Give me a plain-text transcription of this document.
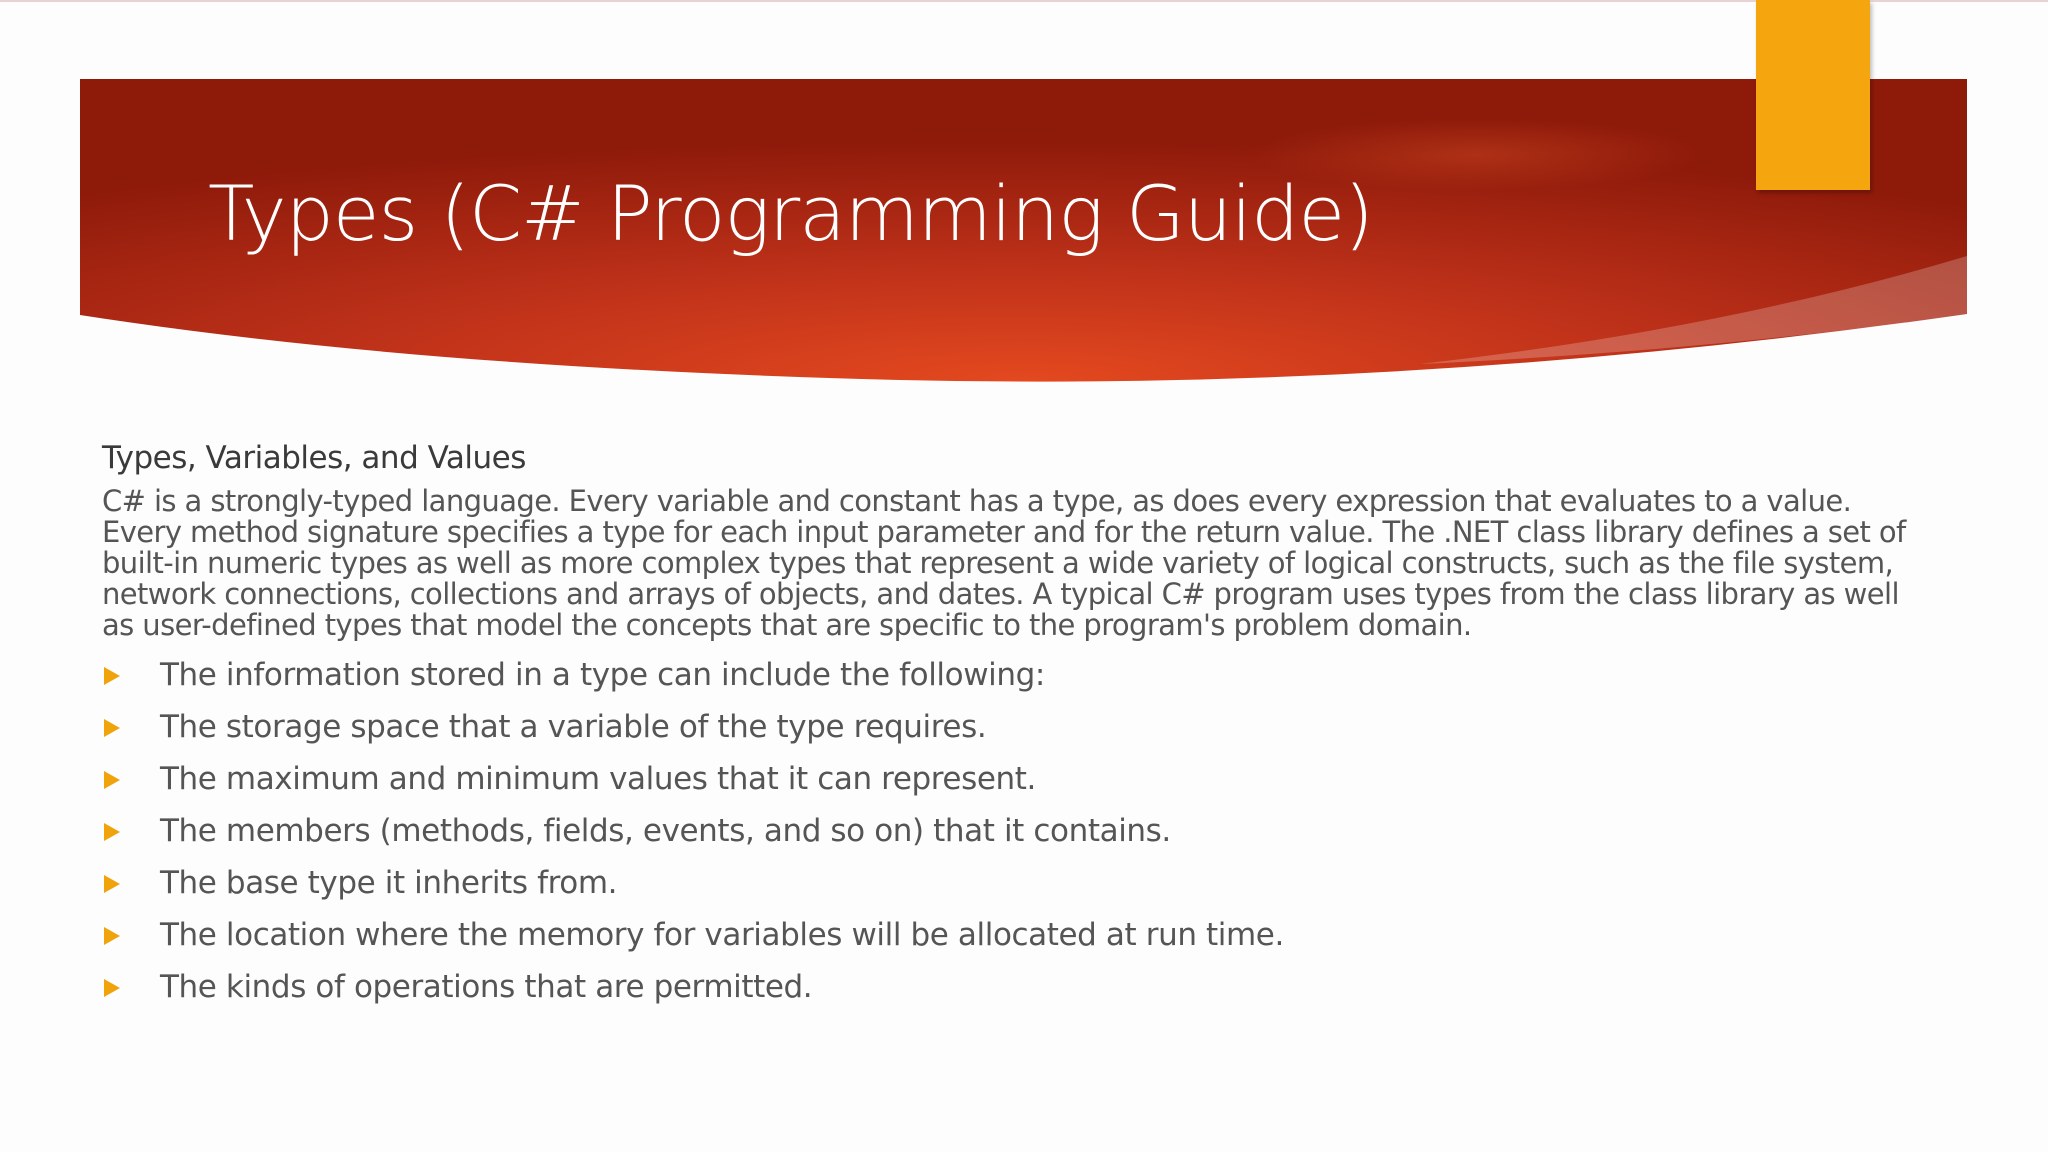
Types (C# Programming Guide)

Types, Variables, and Values

C# is a strongly-typed language. Every variable and constant has a type, as does every expression that evaluates to a value. Every method signature specifies a type for each input parameter and for the return value. The .NET class library defines a set of built-in numeric types as well as more complex types that represent a wide variety of logical constructs, such as the file system, network connections, collections and arrays of objects, and dates. A typical C# program uses types from the class library as well as user-defined types that model the concepts that are specific to the program's problem domain.

The information stored in a type can include the following:
The storage space that a variable of the type requires.
The maximum and minimum values that it can represent.
The members (methods, fields, events, and so on) that it contains.
The base type it inherits from.
The location where the memory for variables will be allocated at run time.
The kinds of operations that are permitted.
